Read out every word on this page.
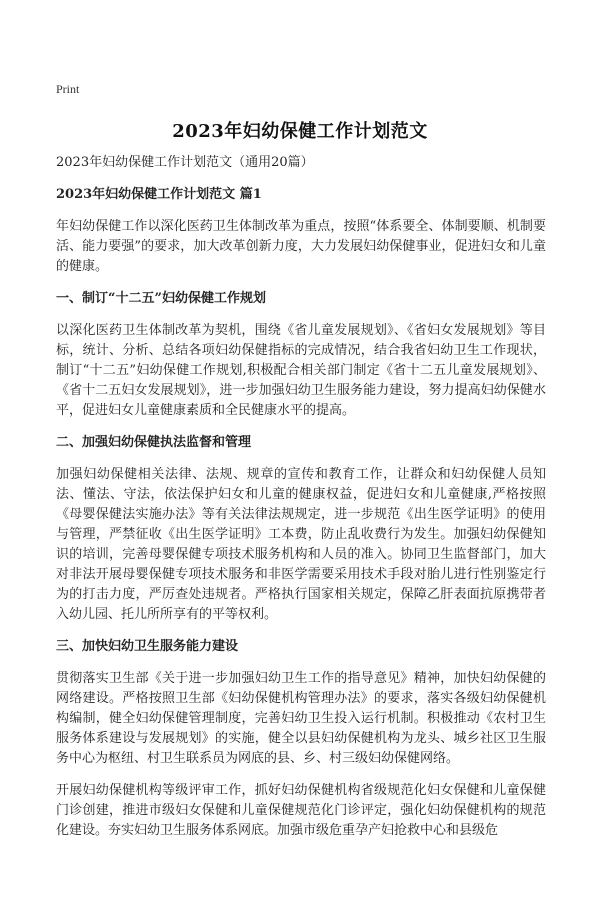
Print
2023年妇幼保健工作计划范文

2023年妇幼保健工作计划范文（通用20篇）

2023年妇幼保健工作计划范文 篇1

年妇幼保健工作以深化医药卫生体制改革为重点，按照“体系要全、体制要顺、机制要活、能力要强”的要求，加大改革创新力度，大力发展妇幼保健事业，促进妇女和儿童的健康。

一、制订“十二五”妇幼保健工作规划

以深化医药卫生体制改革为契机，围绕《省儿童发展规划》、《省妇女发展规划》等目标，统计、分析、总结各项妇幼保健指标的完成情况，结合我省妇幼卫生工作现状，制订“十二五”妇幼保健工作规划,积极配合相关部门制定《省十二五儿童发展规划》、《省十二五妇女发展规划》，进一步加强妇幼卫生服务能力建设，努力提高妇幼保健水平，促进妇女儿童健康素质和全民健康水平的提高。

二、加强妇幼保健执法监督和管理

加强妇幼保健相关法律、法规、规章的宣传和教育工作，让群众和妇幼保健人员知法、懂法、守法，依法保护妇女和儿童的健康权益，促进妇女和儿童健康,严格按照《母婴保健法实施办法》等有关法律法规规定，进一步规范《出生医学证明》的使用与管理，严禁征收《出生医学证明》工本费，防止乱收费行为发生。加强妇幼保健知识的培训，完善母婴保健专项技术服务机构和人员的准入。协同卫生监督部门，加大对非法开展母婴保健专项技术服务和非医学需要采用技术手段对胎儿进行性别鉴定行为的打击力度，严厉查处违规者。严格执行国家相关规定，保障乙肝表面抗原携带者入幼儿园、托儿所所享有的平等权利。

三、加快妇幼卫生服务能力建设

贯彻落实卫生部《关于进一步加强妇幼卫生工作的指导意见》精神，加快妇幼保健的网络建设。严格按照卫生部《妇幼保健机构管理办法》的要求，落实各级妇幼保健机构编制，健全妇幼保健管理制度，完善妇幼卫生投入运行机制。积极推动《农村卫生服务体系建设与发展规划》的实施，健全以县妇幼保健机构为龙头、城乡社区卫生服务中心为枢纽、村卫生联系员为网底的县、乡、村三级妇幼保健网络。

开展妇幼保健机构等级评审工作，抓好妇幼保健机构省级规范化妇女保健和儿童保健门诊创建，推进市级妇女保健和儿童保健规范化门诊评定，强化妇幼保健机构的规范化建设。夯实妇幼卫生服务体系网底。加强市级危重孕产妇抢救中心和县级危
